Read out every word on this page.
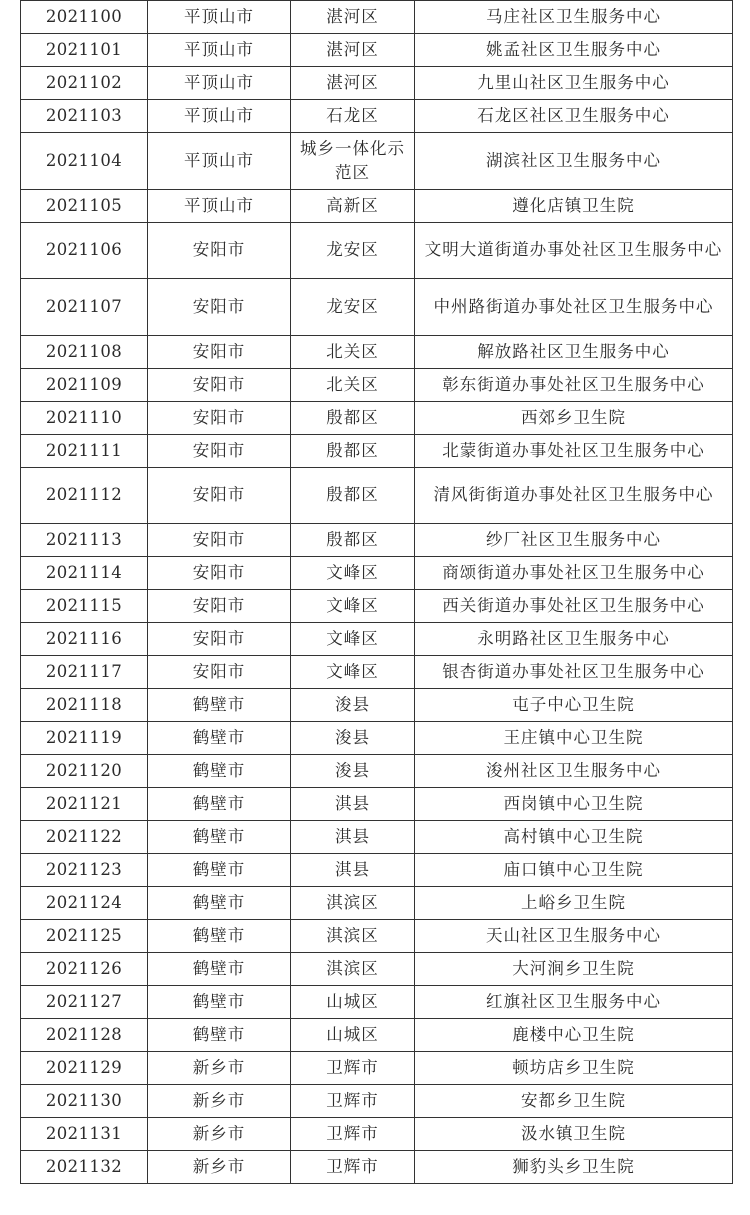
2021100	平顶山市	湛河区	马庄社区卫生服务中心
2021101	平顶山市	湛河区	姚孟社区卫生服务中心
2021102	平顶山市	湛河区	九里山社区卫生服务中心
2021103	平顶山市	石龙区	石龙区社区卫生服务中心
2021104	平顶山市	城乡一体化示范区	湖滨社区卫生服务中心
2021105	平顶山市	高新区	遵化店镇卫生院
2021106	安阳市	龙安区	文明大道街道办事处社区卫生服务中心
2021107	安阳市	龙安区	中州路街道办事处社区卫生服务中心
2021108	安阳市	北关区	解放路社区卫生服务中心
2021109	安阳市	北关区	彰东街道办事处社区卫生服务中心
2021110	安阳市	殷都区	西郊乡卫生院
2021111	安阳市	殷都区	北蒙街道办事处社区卫生服务中心
2021112	安阳市	殷都区	清风街街道办事处社区卫生服务中心
2021113	安阳市	殷都区	纱厂社区卫生服务中心
2021114	安阳市	文峰区	商颂街道办事处社区卫生服务中心
2021115	安阳市	文峰区	西关街道办事处社区卫生服务中心
2021116	安阳市	文峰区	永明路社区卫生服务中心
2021117	安阳市	文峰区	银杏街道办事处社区卫生服务中心
2021118	鹤壁市	浚县	屯子中心卫生院
2021119	鹤壁市	浚县	王庄镇中心卫生院
2021120	鹤壁市	浚县	浚州社区卫生服务中心
2021121	鹤壁市	淇县	西岗镇中心卫生院
2021122	鹤壁市	淇县	高村镇中心卫生院
2021123	鹤壁市	淇县	庙口镇中心卫生院
2021124	鹤壁市	淇滨区	上峪乡卫生院
2021125	鹤壁市	淇滨区	天山社区卫生服务中心
2021126	鹤壁市	淇滨区	大河涧乡卫生院
2021127	鹤壁市	山城区	红旗社区卫生服务中心
2021128	鹤壁市	山城区	鹿楼中心卫生院
2021129	新乡市	卫辉市	顿坊店乡卫生院
2021130	新乡市	卫辉市	安都乡卫生院
2021131	新乡市	卫辉市	汲水镇卫生院
2021132	新乡市	卫辉市	狮豹头乡卫生院
